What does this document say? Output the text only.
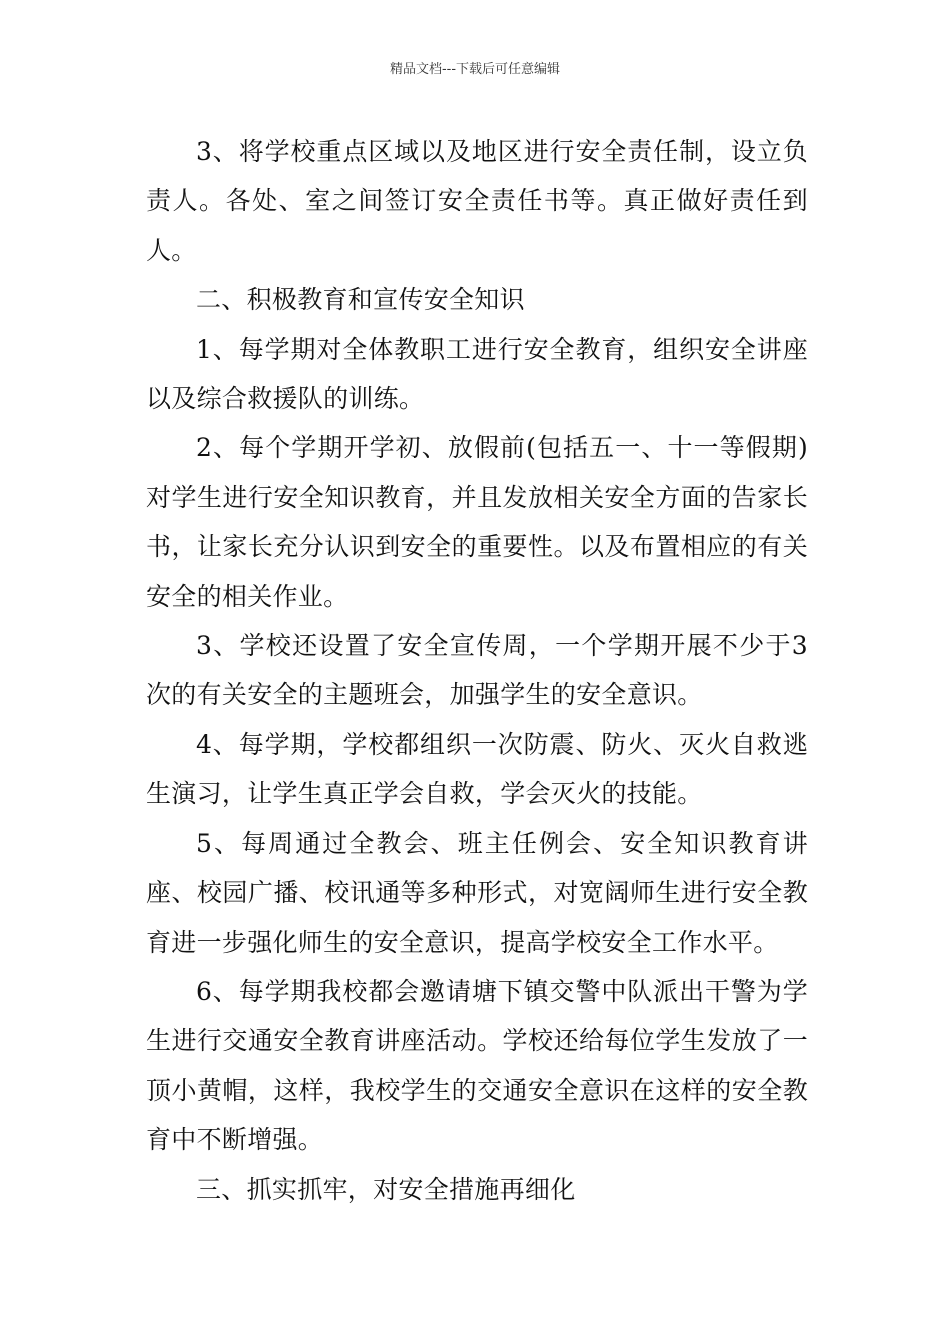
精品文档---下载后可任意编辑

3、将学校重点区域以及地区进行安全责任制，设立负责人。各处、室之间签订安全责任书等。真正做好责任到人。

二、积极教育和宣传安全知识

1、每学期对全体教职工进行安全教育，组织安全讲座以及综合救援队的训练。

2、每个学期开学初、放假前(包括五一、十一等假期)对学生进行安全知识教育，并且发放相关安全方面的告家长书，让家长充分认识到安全的重要性。以及布置相应的有关安全的相关作业。

3、学校还设置了安全宣传周，一个学期开展不少于3次的有关安全的主题班会，加强学生的安全意识。

4、每学期，学校都组织一次防震、防火、灭火自救逃生演习，让学生真正学会自救，学会灭火的技能。

5、每周通过全教会、班主任例会、安全知识教育讲座、校园广播、校讯通等多种形式，对宽阔师生进行安全教育进一步强化师生的安全意识，提高学校安全工作水平。

6、每学期我校都会邀请塘下镇交警中队派出干警为学生进行交通安全教育讲座活动。学校还给每位学生发放了一顶小黄帽，这样，我校学生的交通安全意识在这样的安全教育中不断增强。

三、抓实抓牢，对安全措施再细化
